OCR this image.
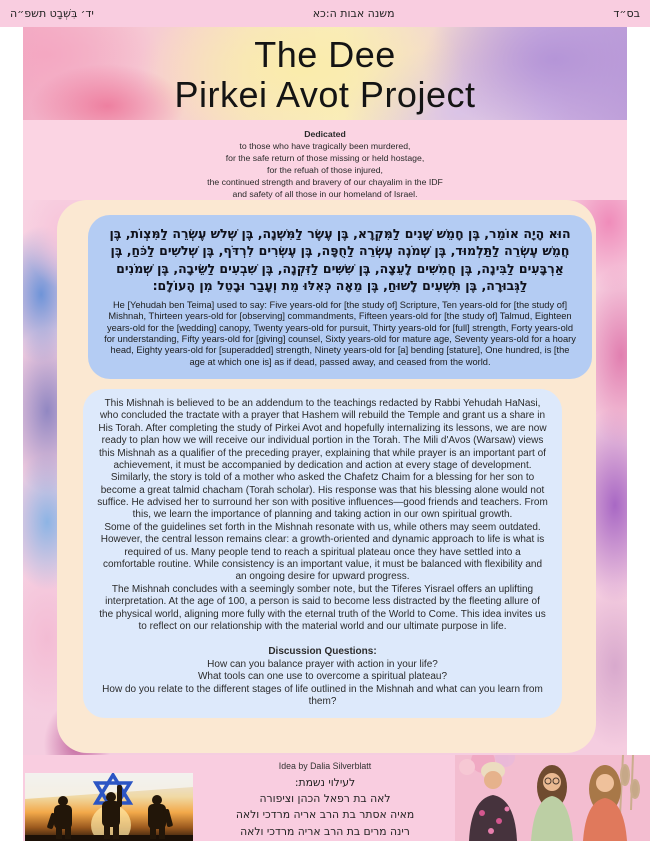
יד׳ בִּשְׁבָט תשפ״ה	משנה אבות ה:כא	בס״ד
The Dee
Pirkei Avot Project
Dedicated
to those who have tragically been murdered,
for the safe return of those missing or held hostage,
for the refuah of those injured,
the continued strength and bravery of our chayalim in the IDF
and safety of all those in our homeland of Israel.

הוּא הָיָה אוֹמֵר, בֶּן חָמֵשׁ שָׁנִים לַמִּקְרָא, בֶּן עֶשֶׂר לַמִּשְׁנָה, בֶּן שְׁלשׁ עֶשְׂרֵה לַמִּצְוֹת, בֶּן חֲמֵשׁ עֶשְׂרֵה לַתַּלְמוּד, בֶּן שְׁמֹנֶה עֶשְׂרֵה לַחֻפָּה, בֶּן עֶשְׂרִים לִרְדֹּף, בֶּן שְׁלשִׁים לַכֹּחַ, בֶּן אַרְבָּעִים לַבִּינָה, בֶּן חֲמִשִּׁים לָעֵצָה, בֶּן שִׁשִּׁים לַזִּקְנָה, בֶּן שִׁבְעִים לַשֵּׂיבָה, בֶּן שְׁמֹנִים לַגְּבוּרָה, בֶּן תִּשְׁעִים לָשׁוּחַ, בֶּן מֵאָה כְּאִלּוּ מֵת וְעָבַר וּבָטֵל מִן הָעוֹלָם:

He [Yehudah ben Teima] used to say: Five years-old for [the study of] Scripture, Ten years-old for [the study of] Mishnah, Thirteen years-old for [observing] commandments, Fifteen years-old for [the study of] Talmud, Eighteen years-old for the [wedding] canopy, Twenty years-old for pursuit, Thirty years-old for [full] strength, Forty years-old for understanding, Fifty years-old for [giving] counsel, Sixty years-old for mature age, Seventy years-old for a hoary head, Eighty years-old for [superadded] strength, Ninety years-old for [a] bending [stature], One hundred, is [the age at which one is] as if dead, passed away, and ceased from the world.

This Mishnah is believed to be an addendum to the teachings redacted by Rabbi Yehudah HaNasi, who concluded the tractate with a prayer that Hashem will rebuild the Temple and grant us a share in His Torah. After completing the study of Pirkei Avot and hopefully internalizing its lessons, we are now ready to plan how we will receive our individual portion in the Torah. The Mili d'Avos (Warsaw) views this Mishnah as a qualifier of the preceding prayer, explaining that while prayer is an important part of achievement, it must be accompanied by dedication and action at every stage of development. Similarly, the story is told of a mother who asked the Chafetz Chaim for a blessing for her son to become a great talmid chacham (Torah scholar). His response was that his blessing alone would not suffice. He advised her to surround her son with positive influences—good friends and teachers. From this, we learn the importance of planning and taking action in our own spiritual growth.

Some of the guidelines set forth in the Mishnah resonate with us, while others may seem outdated. However, the central lesson remains clear: a growth-oriented and dynamic approach to life is what is required of us. Many people tend to reach a spiritual plateau once they have settled into a comfortable routine. While consistency is an important value, it must be balanced with flexibility and an ongoing desire for upward progress.

The Mishnah concludes with a seemingly somber note, but the Tiferes Yisrael offers an uplifting interpretation. At the age of 100, a person is said to become less distracted by the fleeting allure of the physical world, aligning more fully with the eternal truth of the World to Come. This idea invites us to reflect on our relationship with the material world and our ultimate purpose in life.

Discussion Questions:

How can you balance prayer with action in your life?

What tools can one use to overcome a spiritual plateau?

How do you relate to the different stages of life outlined in the Mishnah and what can you learn from them?

Idea by Dalia Silverblatt

לעילוי נשמת:

לאה בת רפאל הכהן וציפורה

מאיה אסתר בת הרב אריה מרדכי ולאה

רינה מרים בת הרב אריה מרדכי ולאה
